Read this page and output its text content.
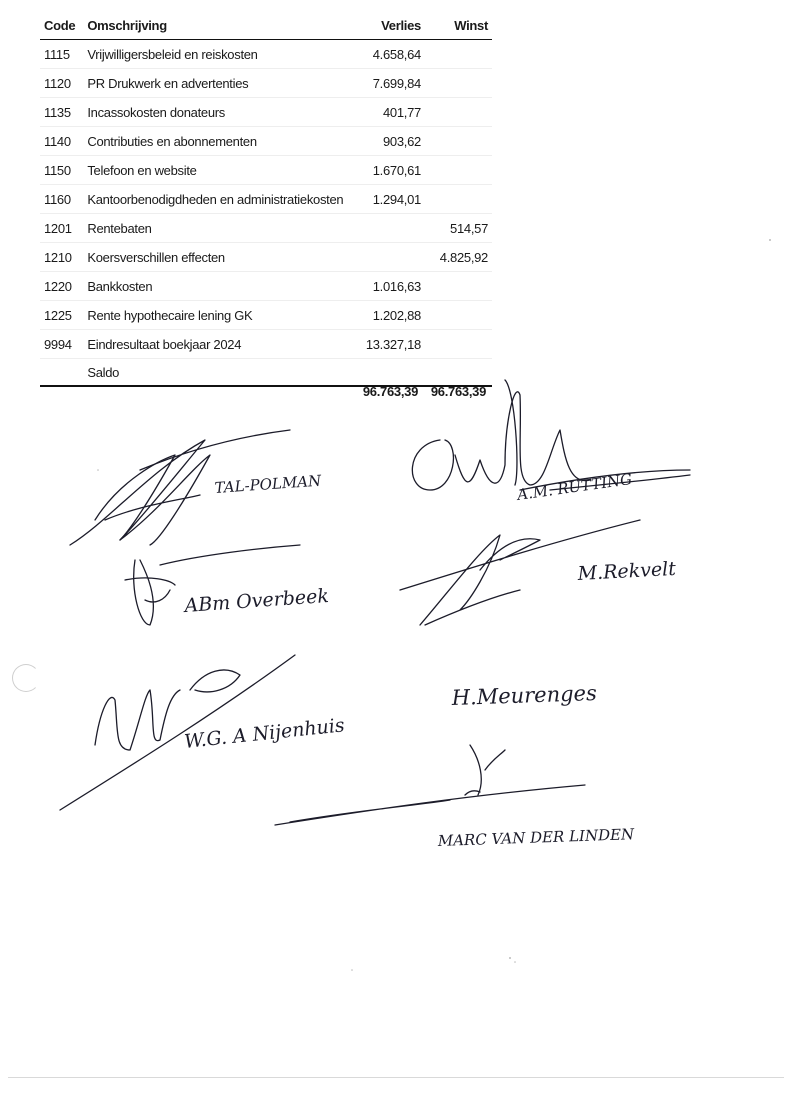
Code	Omschrijving	Verlies	Winst
1115	Vrijwilligersbeleid en reiskosten	4.658,64	
1120	PR Drukwerk en advertenties	7.699,84	
1135	Incassokosten donateurs	401,77	
1140	Contributies en abonnementen	903,62	
1150	Telefoon en website	1.670,61	
1160	Kantoorbenodigdheden en administratiekosten	1.294,01	
1201	Rentebaten		514,57
1210	Koersverschillen effecten		4.825,92
1220	Bankkosten	1.016,63	
1225	Rente hypothecaire lening GK	1.202,88	
9994	Eindresultaat boekjaar 2024	13.327,18	
	Saldo		
96.763,39 96.763,39
TAL-POLMAN	A.M. RUTTING
ABm Overbeek
M.Rekvelt
W.G. A Nijenhuis
H.Meurenges
MARC VAN DER LINDEN
